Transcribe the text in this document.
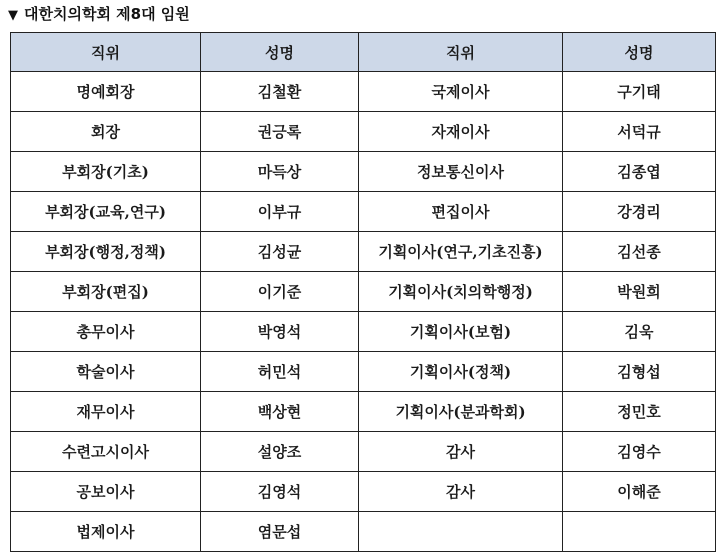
▼ 대한치의학회 제8대 임원
직위	성명	직위	성명
명예회장	김철환	국제이사	구기태
회장	권긍록	자재이사	서덕규
부회장(기초)	마득상	정보통신이사	김종엽
부회장(교육,연구)	이부규	편집이사	강경리
부회장(행정,정책)	김성균	기획이사(연구,기초진흥)	김선종
부회장(편집)	이기준	기획이사(치의학행정)	박원희
총무이사	박영석	기획이사(보험)	김욱
학술이사	허민석	기획이사(정책)	김형섭
재무이사	백상현	기획이사(분과학회)	정민호
수련고시이사	설양조	감사	김영수
공보이사	김영석	감사	이해준
법제이사	염문섭		
